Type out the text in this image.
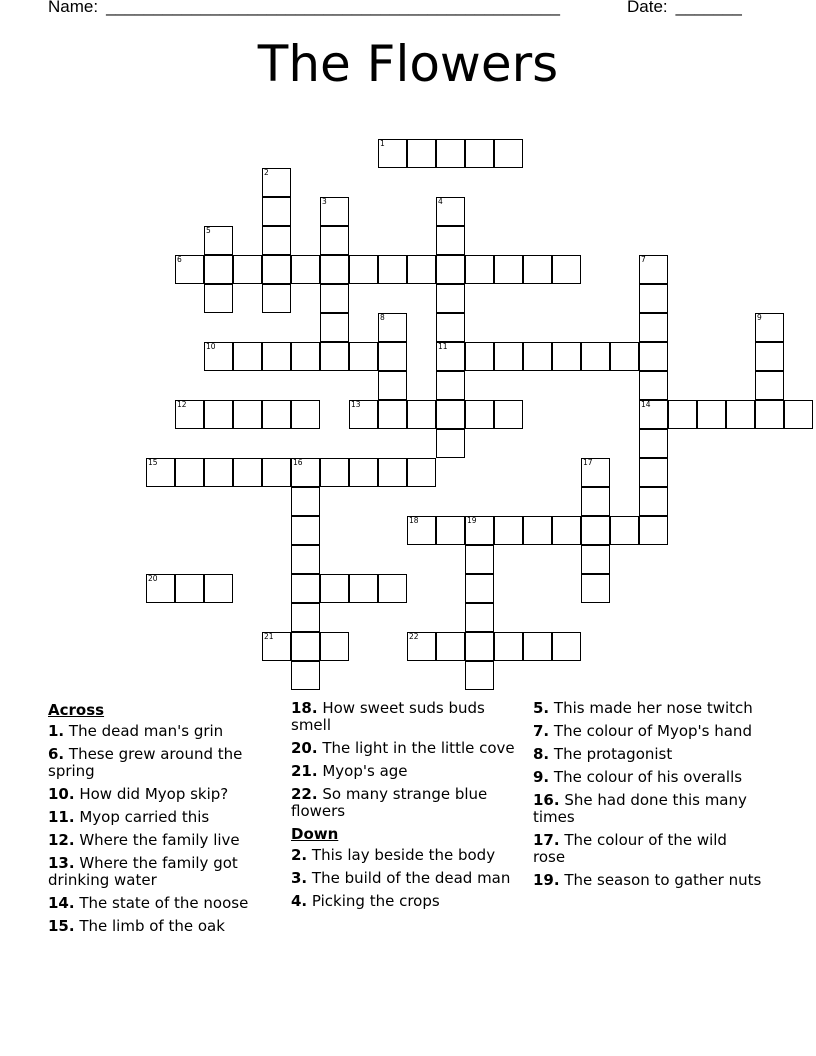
Name: ________________________________________________	Date: _______
The Flowers
1
2
3	4
5
6	7
8	9
10	11
12	13	14
15	16	17
18	19
20
21	22
Across
1. The dead man's grin
6. These grew around the spring
10. How did Myop skip?
11. Myop carried this
12. Where the family live
13. Where the family got drinking water
14. The state of the noose
15. The limb of the oak
18. How sweet suds buds smell
20. The light in the little cove
21. Myop's age
22. So many strange blue flowers
Down
2. This lay beside the body
3. The build of the dead man
4. Picking the crops
5. This made her nose twitch
7. The colour of Myop's hand
8. The protagonist
9. The colour of his overalls
16. She had done this many times
17. The colour of the wild rose
19. The season to gather nuts
